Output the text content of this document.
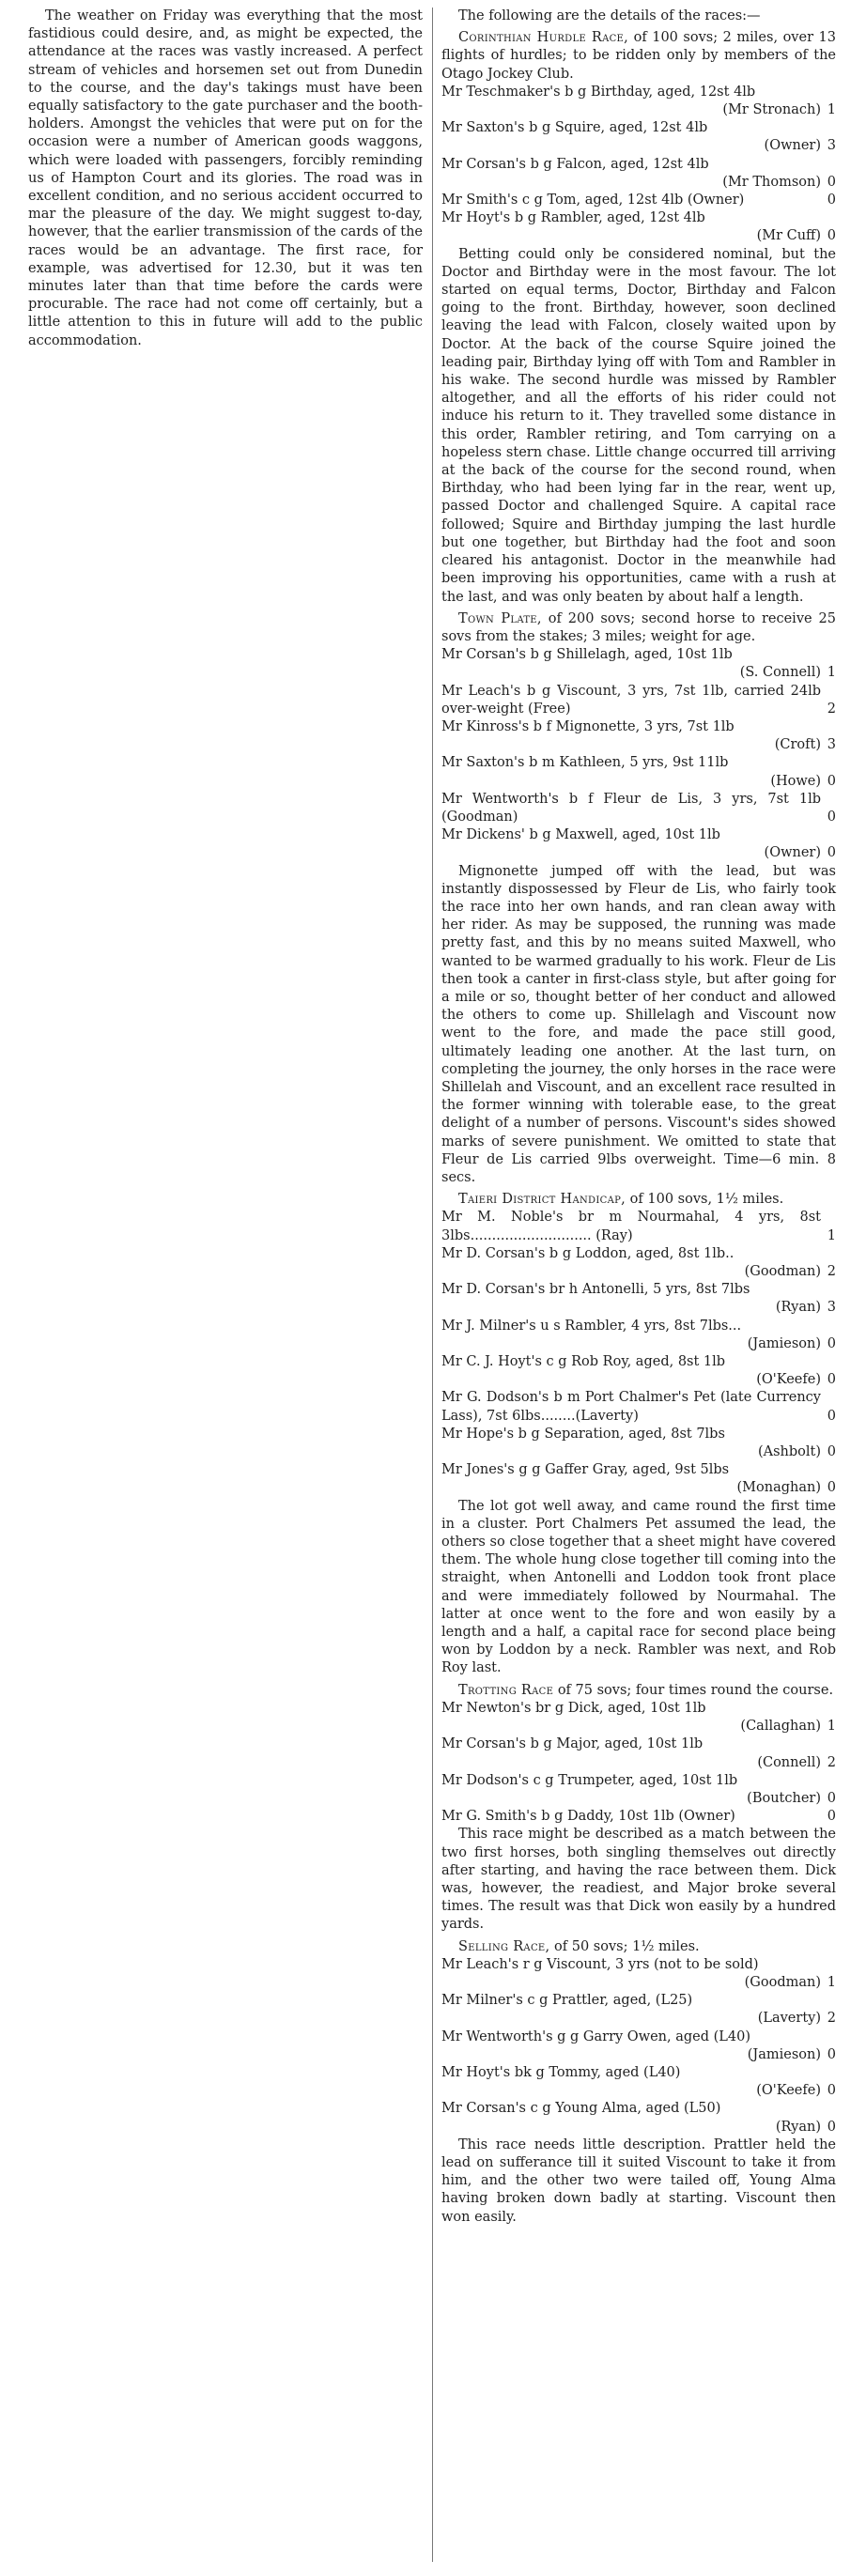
The weather on Friday was everything that the most fastidious could desire, and, as might be expected, the attendance at the races was vastly increased. A perfect stream of vehicles and horsemen set out from Dunedin to the course, and the day's takings must have been equally satisfactory to the gate purchaser and the booth-holders. Amongst the vehicles that were put on for the occasion were a number of American goods waggons, which were loaded with passengers, forcibly reminding us of Hampton Court and its glories. The road was in excellent condition, and no serious accident occurred to mar the pleasure of the day. We might suggest to-day, however, that the earlier transmission of the cards of the races would be an advantage. The first race, for example, was advertised for 12.30, but it was ten minutes later than that time before the cards were procurable. The race had not come off certainly, but a little attention to this in future will add to the public accommodation.

The following are the details of the races:—

Corinthian Hurdle Race, of 100 sovs; 2 miles, over 13 flights of hurdles; to be ridden only by members of the Otago Jockey Club.

Mr Teschmaker's b g Birthday, aged, 12st 4lb
(Mr Stronach) 1
Mr Saxton's b g Squire, aged, 12st 4lb
(Owner) 3
Mr Corsan's b g Falcon, aged, 12st 4lb
(Mr Thomson) 0
Mr Smith's c g Tom, aged, 12st 4lb (Owner)	0
Mr Hoyt's b g Rambler, aged, 12st 4lb
(Mr Cuff) 0

Betting could only be considered nominal, but the Doctor and Birthday were in the most favour. The lot started on equal terms, Doctor, Birthday and Falcon going to the front. Birthday, however, soon declined leaving the lead with Falcon, closely waited upon by Doctor. At the back of the course Squire joined the leading pair, Birthday lying off with Tom and Rambler in his wake. The second hurdle was missed by Rambler altogether, and all the efforts of his rider could not induce his return to it. They travelled some distance in this order, Rambler retiring, and Tom carrying on a hopeless stern chase. Little change occurred till arriving at the back of the course for the second round, when Birthday, who had been lying far in the rear, went up, passed Doctor and challenged Squire. A capital race followed; Squire and Birthday jumping the last hurdle but one together, but Birthday had the foot and soon cleared his antagonist. Doctor in the meanwhile had been improving his opportunities, came with a rush at the last, and was only beaten by about half a length.

Town Plate, of 200 sovs; second horse to receive 25 sovs from the stakes; 3 miles; weight for age.

Mr Corsan's b g Shillelagh, aged, 10st 1lb
(S. Connell) 1
Mr Leach's b g Viscount, 3 yrs, 7st 1lb, carried 24lb over-weight (Free)	2
Mr Kinross's b f Mignonette, 3 yrs, 7st 1lb
(Croft) 3
Mr Saxton's b m Kathleen, 5 yrs, 9st 11lb
(Howe) 0
Mr Wentworth's b f Fleur de Lis, 3 yrs, 7st 1lb (Goodman)	0
Mr Dickens' b g Maxwell, aged, 10st 1lb
(Owner) 0

Mignonette jumped off with the lead, but was instantly dispossessed by Fleur de Lis, who fairly took the race into her own hands, and ran clean away with her rider. As may be supposed, the running was made pretty fast, and this by no means suited Maxwell, who wanted to be warmed gradually to his work. Fleur de Lis then took a canter in first-class style, but after going for a mile or so, thought better of her conduct and allowed the others to come up. Shillelagh and Viscount now went to the fore, and made the pace still good, ultimately leading one another. At the last turn, on completing the journey, the only horses in the race were Shillelah and Viscount, and an excellent race resulted in the former winning with tolerable ease, to the great delight of a number of persons. Viscount's sides showed marks of severe punishment. We omitted to state that Fleur de Lis carried 9lbs overweight. Time—6 min. 8 secs.

Taieri District Handicap, of 100 sovs, 1½ miles.

Mr M. Noble's br m Nourmahal, 4 yrs, 8st 3lbs............................ (Ray)	1
Mr D. Corsan's b g Loddon, aged, 8st 1lb..
(Goodman) 2
Mr D. Corsan's br h Antonelli, 5 yrs, 8st 7lbs
(Ryan) 3
Mr J. Milner's u s Rambler, 4 yrs, 8st 7lbs...
(Jamieson) 0
Mr C. J. Hoyt's c g Rob Roy, aged, 8st 1lb
(O'Keefe) 0
Mr G. Dodson's b m Port Chalmer's Pet (late Currency Lass), 7st 6lbs........(Laverty)	0
Mr Hope's b g Separation, aged, 8st 7lbs
(Ashbolt) 0
Mr Jones's g g Gaffer Gray, aged, 9st 5lbs
(Monaghan) 0

The lot got well away, and came round the first time in a cluster. Port Chalmers Pet assumed the lead, the others so close together that a sheet might have covered them. The whole hung close together till coming into the straight, when Antonelli and Loddon took front place and were immediately followed by Nourmahal. The latter at once went to the fore and won easily by a length and a half, a capital race for second place being won by Loddon by a neck. Rambler was next, and Rob Roy last.

Trotting Race of 75 sovs; four times round the course.

Mr Newton's br g Dick, aged, 10st 1lb
(Callaghan) 1
Mr Corsan's b g Major, aged, 10st 1lb
(Connell) 2
Mr Dodson's c g Trumpeter, aged, 10st 1lb
(Boutcher) 0
Mr G. Smith's b g Daddy, 10st 1lb (Owner)	0

This race might be described as a match between the two first horses, both singling themselves out directly after starting, and having the race between them. Dick was, however, the readiest, and Major broke several times. The result was that Dick won easily by a hundred yards.

Selling Race, of 50 sovs; 1½ miles.

Mr Leach's r g Viscount, 3 yrs (not to be sold)
(Goodman) 1
Mr Milner's c g Prattler, aged, (L25)
(Laverty) 2
Mr Wentworth's g g Garry Owen, aged (L40)
(Jamieson) 0
Mr Hoyt's bk g Tommy, aged (L40)
(O'Keefe) 0
Mr Corsan's c g Young Alma, aged (L50)
(Ryan) 0

This race needs little description. Prattler held the lead on sufferance till it suited Viscount to take it from him, and the other two were tailed off, Young Alma having broken down badly at starting. Viscount then won easily.
